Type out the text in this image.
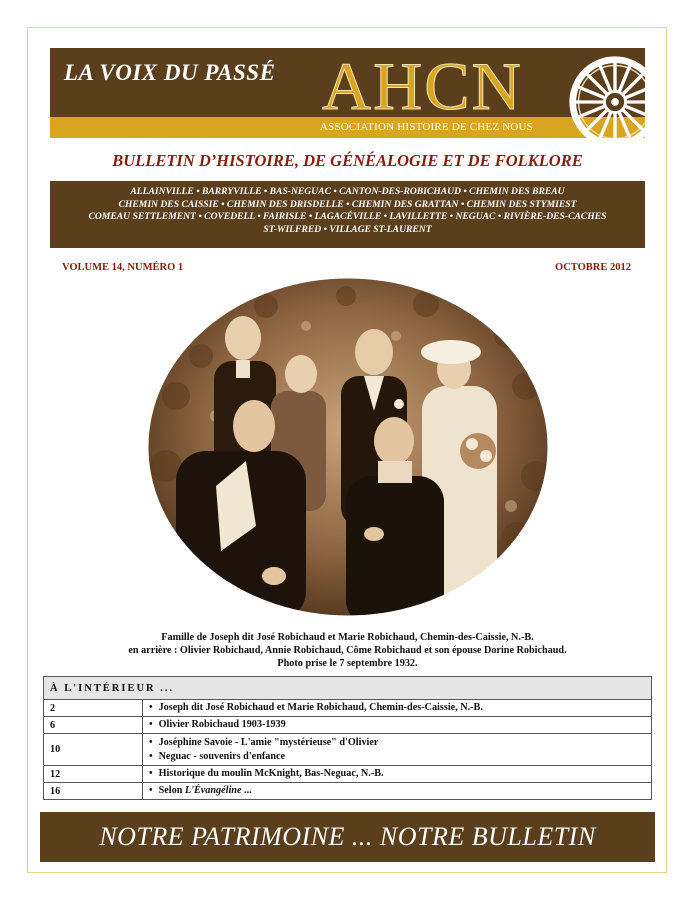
LA VOIX DU PASSÉ AHCN
ASSOCIATION HISTOIRE DE CHEZ NOUS
BULLETIN D’HISTOIRE, DE GÉNÉALOGIE ET DE FOLKLORE
ALLAINVILLE • BARRYVILLE • BAS-NEGUAC • CANTON-DES-ROBICHAUD • CHEMIN DES BREAU
CHEMIN DES CAISSIE • CHEMIN DES DRISDELLE • CHEMIN DES GRATTAN • CHEMIN DES STYMIEST
COMEAU SETTLEMENT • COVEDELL • FAIRISLE • LAGACÉVILLE • LAVILLETTE • NEGUAC • RIVIÈRE-DES-CACHES
ST-WILFRED • VILLAGE ST-LAURENT
VOLUME 14, NUMÉRO 1	OCTOBRE 2012
Famille de Joseph dit José Robichaud et Marie Robichaud, Chemin-des-Caissie, N.-B.
en arrière : Olivier Robichaud, Annie Robichaud, Côme Robichaud et son épouse Dorine Robichaud.
Photo prise le 7 septembre 1932.
À L'INTÉRIEUR ...	
2	• Joseph dit José Robichaud et Marie Robichaud, Chemin-des-Caissie, N.-B.

6	• Olivier Robichaud 1903-1939

10	• Joséphine Savoie - L'amie "mystérieuse" d'Olivier
• Neguac - souvenirs d'enfance

12	• Historique du moulin McKnight, Bas-Neguac, N.-B.

16	• Selon L'Évangéline ...
NOTRE PATRIMOINE ... NOTRE BULLETIN
